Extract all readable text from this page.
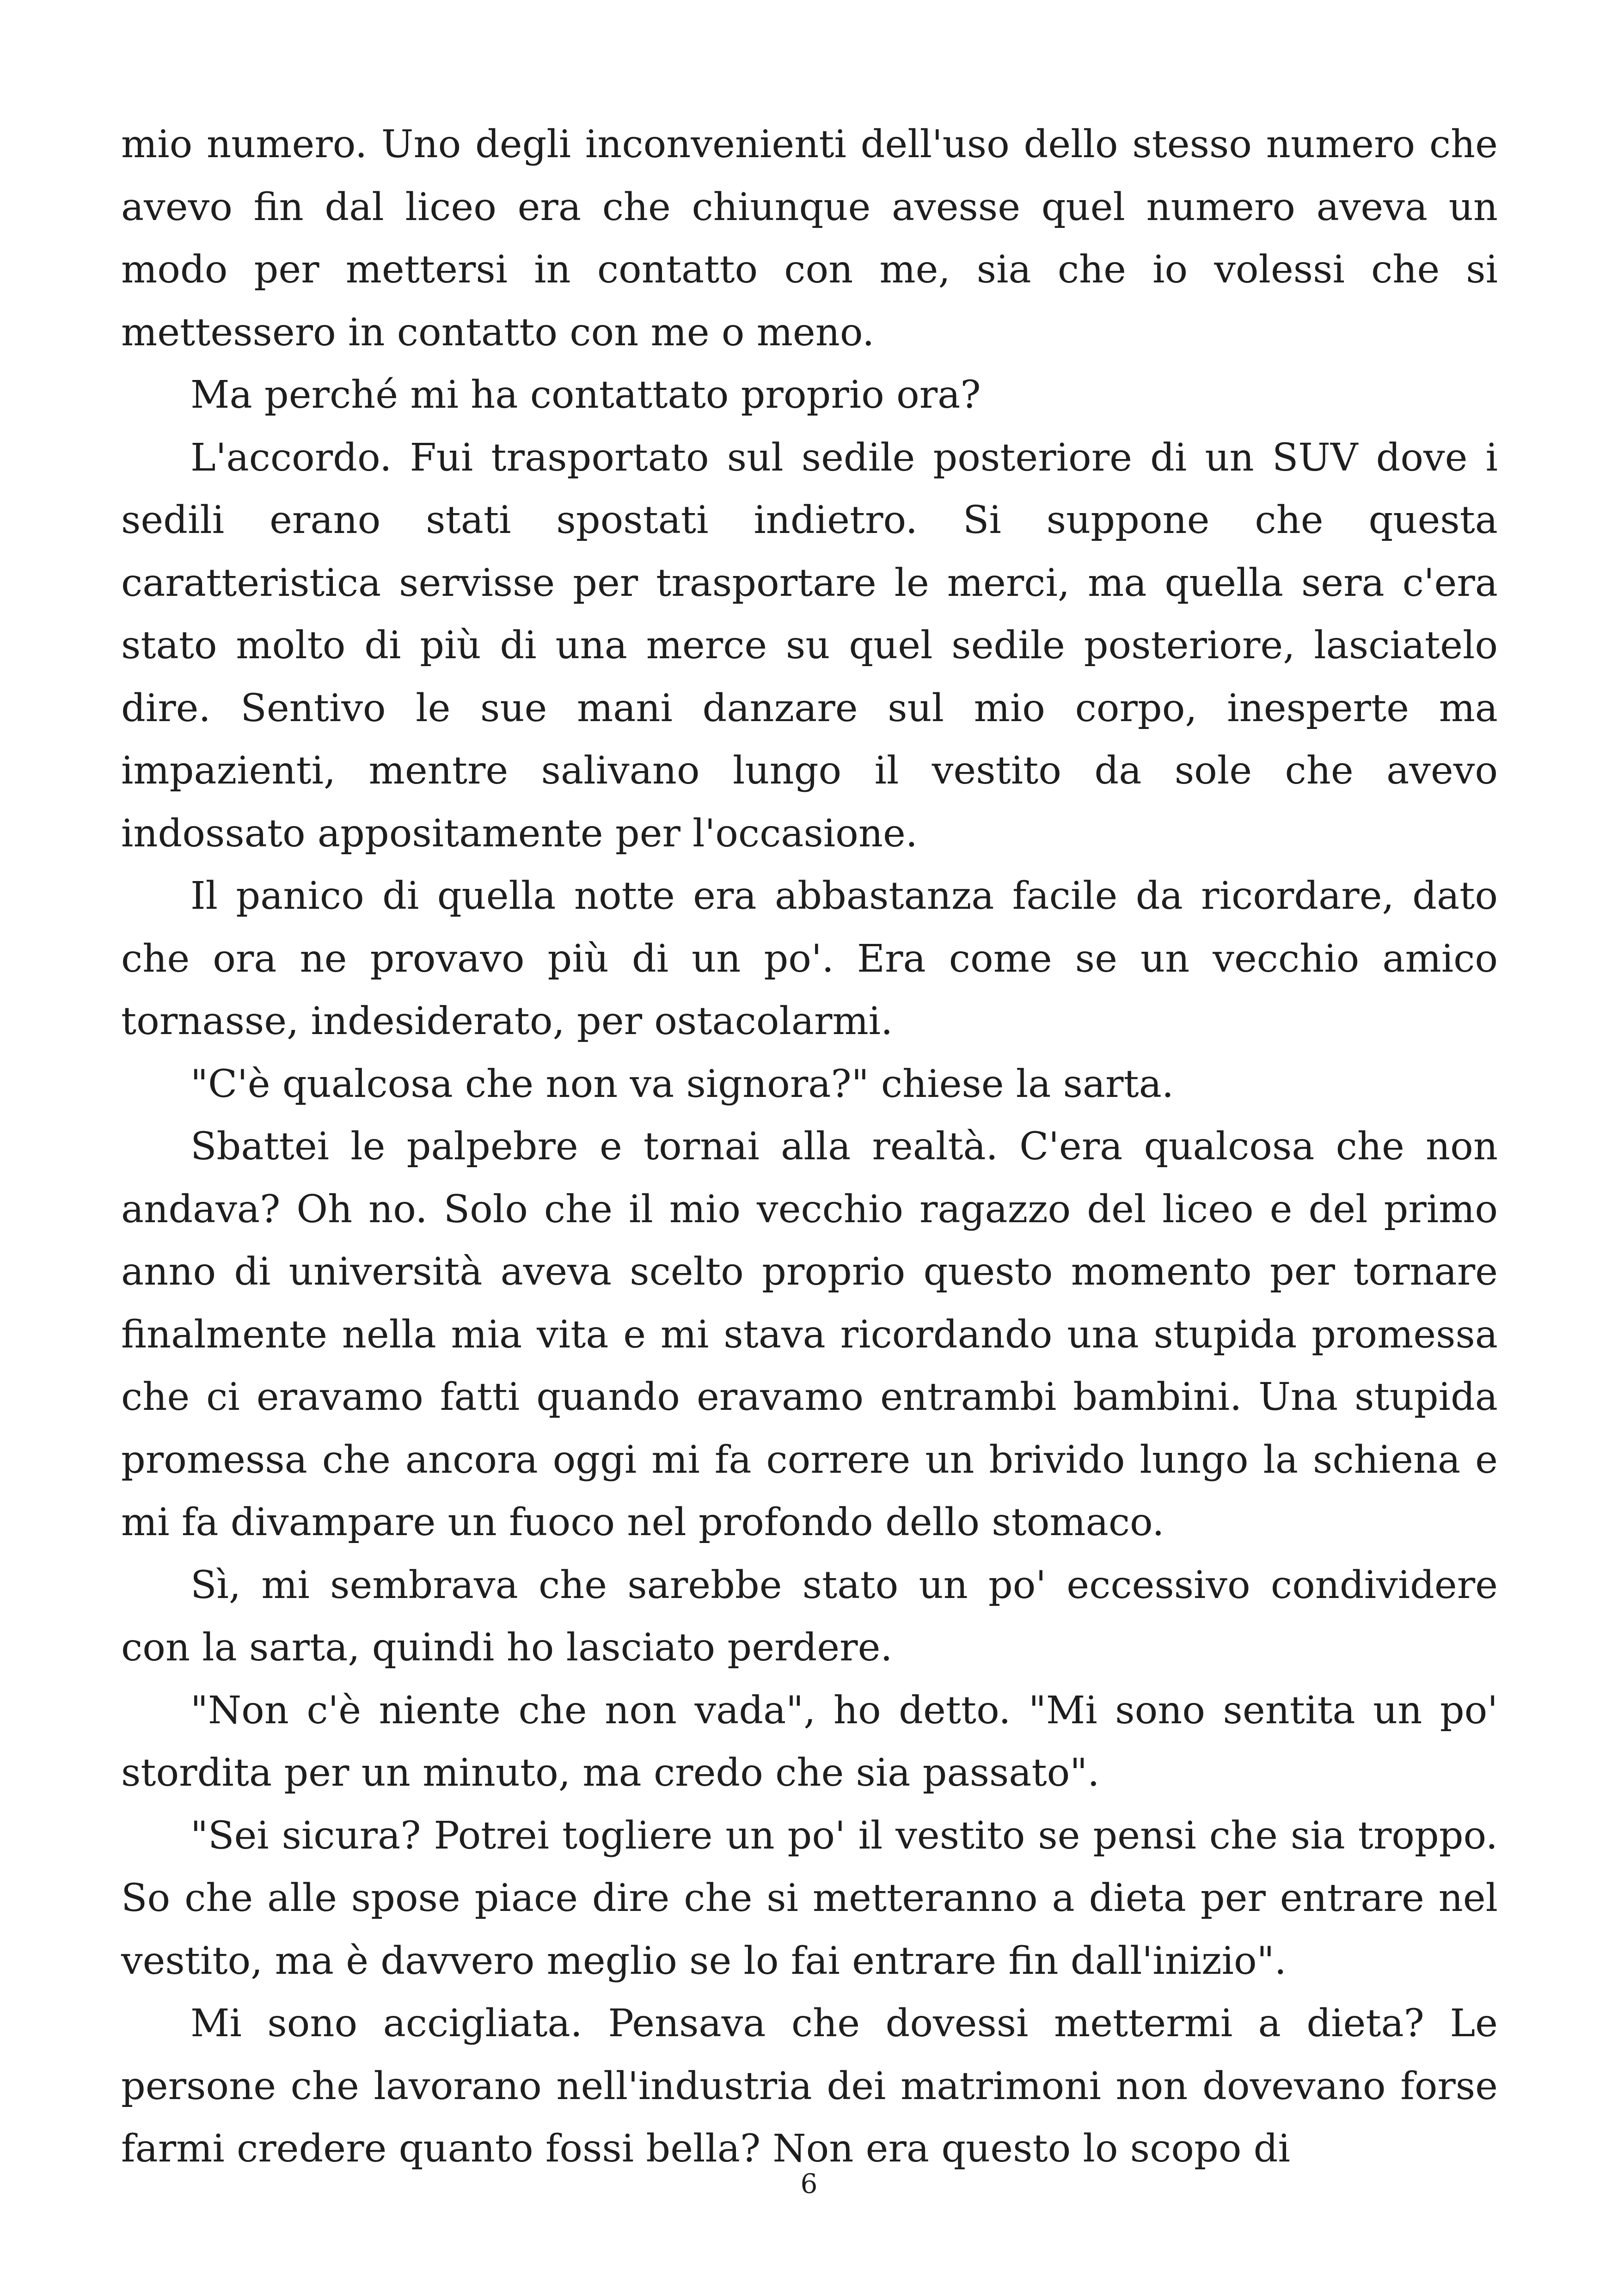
mio numero. Uno degli inconvenienti dell'uso dello stesso numero che avevo fin dal liceo era che chiunque avesse quel numero aveva un modo per mettersi in contatto con me, sia che io volessi che si mettessero in contatto con me o meno.

Ma perché mi ha contattato proprio ora?

L'accordo. Fui trasportato sul sedile posteriore di un SUV dove i sedili erano stati spostati indietro. Si suppone che questa caratteristica servisse per trasportare le merci, ma quella sera c'era stato molto di più di una merce su quel sedile posteriore, lasciatelo dire. Sentivo le sue mani danzare sul mio corpo, inesperte ma impazienti, mentre salivano lungo il vestito da sole che avevo indossato appositamente per l'occasione.

Il panico di quella notte era abbastanza facile da ricordare, dato che ora ne provavo più di un po'. Era come se un vecchio amico tornasse, indesiderato, per ostacolarmi.

"C'è qualcosa che non va signora?" chiese la sarta.

Sbattei le palpebre e tornai alla realtà. C'era qualcosa che non andava? Oh no. Solo che il mio vecchio ragazzo del liceo e del primo anno di università aveva scelto proprio questo momento per tornare finalmente nella mia vita e mi stava ricordando una stupida promessa che ci eravamo fatti quando eravamo entrambi bambini. Una stupida promessa che ancora oggi mi fa correre un brivido lungo la schiena e mi fa divampare un fuoco nel profondo dello stomaco.

Sì, mi sembrava che sarebbe stato un po' eccessivo condividere con la sarta, quindi ho lasciato perdere.

"Non c'è niente che non vada", ho detto. "Mi sono sentita un po' stordita per un minuto, ma credo che sia passato".

"Sei sicura? Potrei togliere un po' il vestito se pensi che sia troppo. So che alle spose piace dire che si metteranno a dieta per entrare nel vestito, ma è davvero meglio se lo fai entrare fin dall'inizio".

Mi sono accigliata. Pensava che dovessi mettermi a dieta? Le persone che lavorano nell'industria dei matrimoni non dovevano forse farmi credere quanto fossi bella? Non era questo lo scopo di

6
